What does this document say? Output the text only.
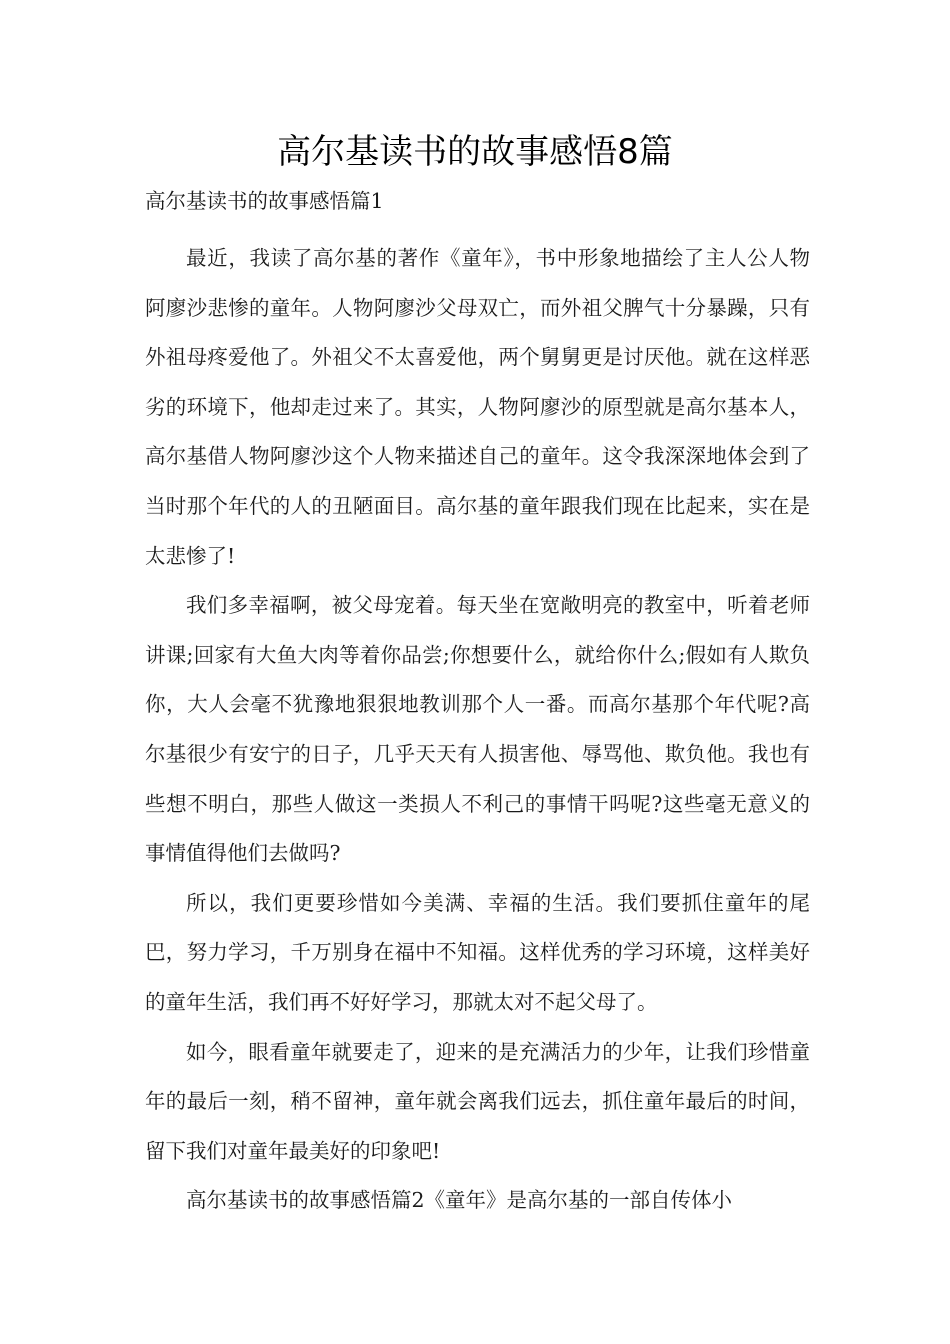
高尔基读书的故事感悟8篇

高尔基读书的故事感悟篇1

最近，我读了高尔基的著作《童年》，书中形象地描绘了主人公人物阿廖沙悲惨的童年。人物阿廖沙父母双亡，而外祖父脾气十分暴躁，只有外祖母疼爱他了。外祖父不太喜爱他，两个舅舅更是讨厌他。就在这样恶劣的环境下，他却走过来了。其实，人物阿廖沙的原型就是高尔基本人，高尔基借人物阿廖沙这个人物来描述自己的童年。这令我深深地体会到了当时那个年代的人的丑陋面目。高尔基的童年跟我们现在比起来，实在是太悲惨了!

我们多幸福啊，被父母宠着。每天坐在宽敞明亮的教室中，听着老师讲课;回家有大鱼大肉等着你品尝;你想要什么，就给你什么;假如有人欺负你，大人会毫不犹豫地狠狠地教训那个人一番。而高尔基那个年代呢?高尔基很少有安宁的日子，几乎天天有人损害他、辱骂他、欺负他。我也有些想不明白，那些人做这一类损人不利己的事情干吗呢?这些毫无意义的事情值得他们去做吗?

所以，我们更要珍惜如今美满、幸福的生活。我们要抓住童年的尾巴，努力学习，千万别身在福中不知福。这样优秀的学习环境，这样美好的童年生活，我们再不好好学习，那就太对不起父母了。

如今，眼看童年就要走了，迎来的是充满活力的少年，让我们珍惜童年的最后一刻，稍不留神，童年就会离我们远去，抓住童年最后的时间，留下我们对童年最美好的印象吧!

高尔基读书的故事感悟篇2《童年》是高尔基的一部自传体小
